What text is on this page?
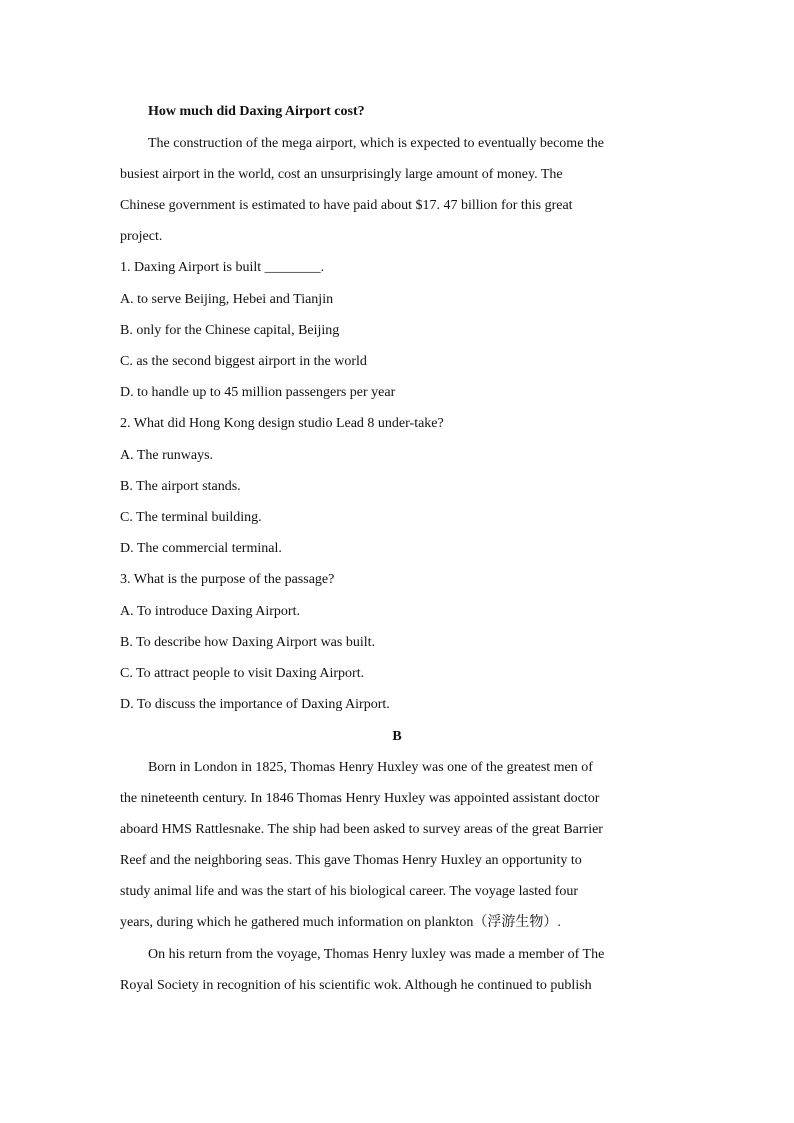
How much did Daxing Airport cost?
The construction of the mega airport, which is expected to eventually become the
busiest airport in the world, cost an unsurprisingly large amount of money. The
Chinese government is estimated to have paid about $17. 47 billion for this great
project.
1. Daxing Airport is built ________.
A. to serve Beijing, Hebei and Tianjin
B. only for the Chinese capital, Beijing
C. as the second biggest airport in the world
D. to handle up to 45 million passengers per year
2. What did Hong Kong design studio Lead 8 under-take?
A. The runways.
B. The airport stands.
C. The terminal building.
D. The commercial terminal.
3. What is the purpose of the passage?
A. To introduce Daxing Airport.
B. To describe how Daxing Airport was built.
C. To attract people to visit Daxing Airport.
D. To discuss the importance of Daxing Airport.
B
Born in London in 1825, Thomas Henry Huxley was one of the greatest men of
the nineteenth century. In 1846 Thomas Henry Huxley was appointed assistant doctor
aboard HMS Rattlesnake. The ship had been asked to survey areas of the great Barrier
Reef and the neighboring seas. This gave Thomas Henry Huxley an opportunity to
study animal life and was the start of his biological career. The voyage lasted four
years, during which he gathered much information on plankton（浮游生物）.
On his return from the voyage, Thomas Henry luxley was made a member of The
Royal Society in recognition of his scientific wok. Although he continued to publish
